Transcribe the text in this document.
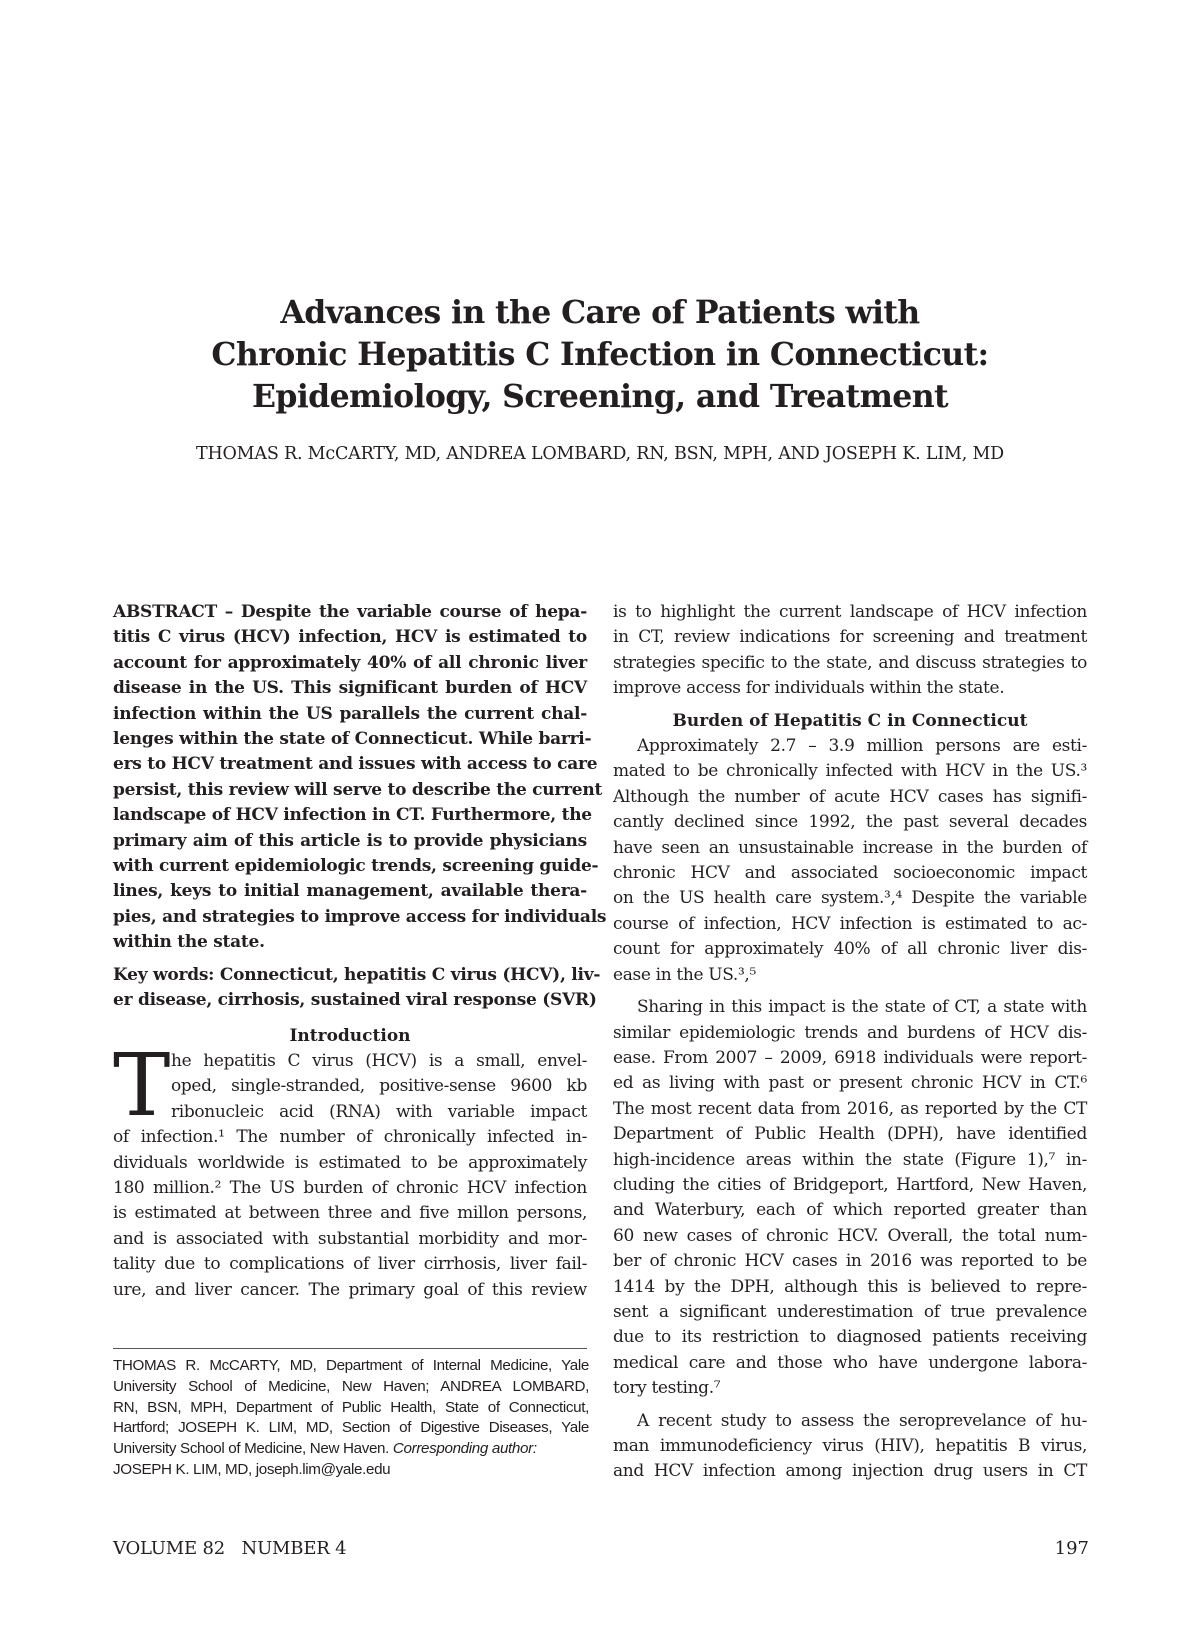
Advances in the Care of Patients with
Chronic Hepatitis C Infection in Connecticut:
Epidemiology, Screening, and Treatment
THOMAS R. McCARTY, MD, ANDREA LOMBARD, RN, BSN, MPH, AND JOSEPH K. LIM, MD
ABSTRACT – Despite the variable course of hepa-
titis C virus (HCV) infection, HCV is estimated to
account for approximately 40% of all chronic liver
disease in the US. This significant burden of HCV
infection within the US parallels the current chal-
lenges within the state of Connecticut. While barri-
ers to HCV treatment and issues with access to care
persist, this review will serve to describe the current
landscape of HCV infection in CT. Furthermore, the
primary aim of this article is to provide physicians
with current epidemiologic trends, screening guide-
lines, keys to initial management, available thera-
pies, and strategies to improve access for individuals
within the state.
Key words: Connecticut, hepatitis C virus (HCV), liv-
er disease, cirrhosis, sustained viral response (SVR)
Introduction
T he hepatitis C virus (HCV) is a small, envel-
oped, single-stranded, positive-sense 9600 kb
ribonucleic acid (RNA) with variable impact
of infection.¹ The number of chronically infected in-
dividuals worldwide is estimated to be approximately
180 million.² The US burden of chronic HCV infection
is estimated at between three and five millon persons,
and is associated with substantial morbidity and mor-
tality due to complications of liver cirrhosis, liver fail-
ure, and liver cancer. The primary goal of this review
THOMAS R. McCARTY, MD, Department of Internal Medicine, Yale
University School of Medicine, New Haven; ANDREA LOMBARD,
RN, BSN, MPH, Department of Public Health, State of Connecticut,
Hartford; JOSEPH K. LIM, MD, Section of Digestive Diseases, Yale
University School of Medicine, New Haven. Corresponding author:
JOSEPH K. LIM, MD, joseph.lim@yale.edu
is to highlight the current landscape of HCV infection
in CT, review indications for screening and treatment
strategies specific to the state, and discuss strategies to
improve access for individuals within the state.
Burden of Hepatitis C in Connecticut
Approximately 2.7 – 3.9 million persons are esti-
mated to be chronically infected with HCV in the US.³
Although the number of acute HCV cases has signifi-
cantly declined since 1992, the past several decades
have seen an unsustainable increase in the burden of
chronic HCV and associated socioeconomic impact
on the US health care system.³,⁴ Despite the variable
course of infection, HCV infection is estimated to ac-
count for approximately 40% of all chronic liver dis-
ease in the US.³,⁵
Sharing in this impact is the state of CT, a state with
similar epidemiologic trends and burdens of HCV dis-
ease. From 2007 – 2009, 6918 individuals were report-
ed as living with past or present chronic HCV in CT.⁶
The most recent data from 2016, as reported by the CT
Department of Public Health (DPH), have identified
high-incidence areas within the state (Figure 1),⁷ in-
cluding the cities of Bridgeport, Hartford, New Haven,
and Waterbury, each of which reported greater than
60 new cases of chronic HCV. Overall, the total num-
ber of chronic HCV cases in 2016 was reported to be
1414 by the DPH, although this is believed to repre-
sent a significant underestimation of true prevalence
due to its restriction to diagnosed patients receiving
medical care and those who have undergone labora-
tory testing.⁷
A recent study to assess the seroprevelance of hu-
man immunodeficiency virus (HIV), hepatitis B virus,
and HCV infection among injection drug users in CT
VOLUME 82   NUMBER 4	197
